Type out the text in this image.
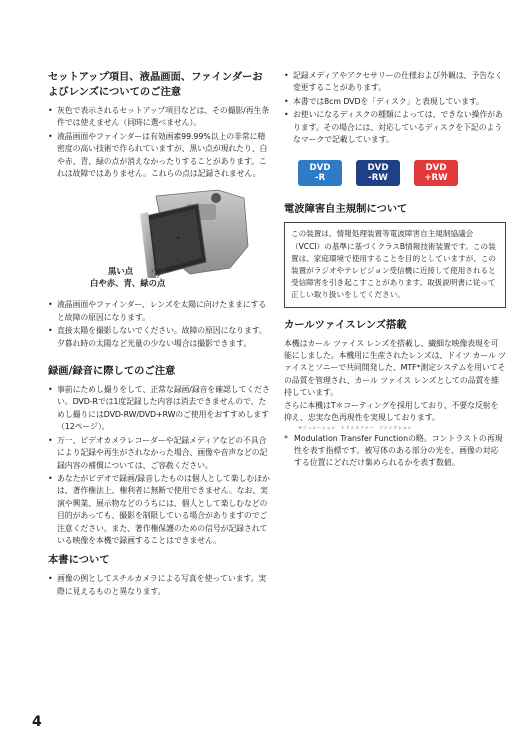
セットアップ項目、液晶画面、ファインダーおよびレンズについてのご注意
• 灰色で表示されるセットアップ項目などは、その撮影/再生条件では使えません（同時に選べません）。
• 液晶画面やファインダーは有効画素99.99%以上の非常に精密度の高い技術で作られていますが、黒い点が現れたり、白や赤、青、緑の点が消えなかったりすることがあります。これは故障ではありません。これらの点は記録されません。
黒い点
白や赤、青、緑の点
• 液晶画面やファインダー、レンズを太陽に向けたままにすると故障の原因になります。
• 直接太陽を撮影しないでください。故障の原因になります。夕暮れ時の太陽など光量の少ない場合は撮影できます。
録画/録音に際してのご注意
• 事前にためし撮りをして、正常な録画/録音を確認してください。DVD-Rでは1度記録した内容は消去できませんので、ためし撮りにはDVD-RW/DVD+RWのご使用をおすすめします（12ページ）。
• 万一、ビデオカメラレコーダーや記録メディアなどの不具合により記録や再生がされなかった場合、画像や音声などの記録内容の補償については、ご容赦ください。
• あなたがビデオで録画/録音したものは個人として楽しむほかは、著作権法上、権利者に無断で使用できません。なお、実演や興業、展示物などのうちには、個人として楽しむなどの目的があっても、撮影を制限している場合がありますのでご注意ください。また、著作権保護のための信号が記録されている映像を本機で録画することはできません。
本書について
• 画像の例としてスチルカメラによる写真を使っています。実際に見えるものと異なります。
• 記録メディアやアクセサリーの仕様および外観は、予告なく変更することがあります。
• 本書では8cm DVDを「ディスク」と表現しています。
• お使いになるディスクの種類によっては、できない操作があります。その場合には、対応しているディスクを下記のようなマークで記載しています。
DVD
-R
DVD
-RW
DVD
+RW
電波障害自主規制について
この装置は、情報処理装置等電波障害自主規制協議会（VCCI）の基準に基づくクラスB情報技術装置です。この装置は、家庭環境で使用することを目的としていますが、この装置がラジオやテレビジョン受信機に近接して使用されると受信障害を引き起こすことがあります。取扱説明書に従って正しい取り扱いをしてください。
カールツァイスレンズ搭載

本機はカール ツァイス レンズを搭載し、繊細な映像表現を可能にしました。本機用に生産されたレンズは、ドイツ カール ツァイスとソニーで共同開発した、MTF*測定システムを用いてその品質を管理され、カール ツァイス レンズとしての品質を維持しています。

さらに本機はT＊コーティングを採用しており、不要な反射を抑え、忠実な色再現性を実現しております。

モジュレーション　トランスファー　ファンクション
* Modulation Transfer Functionの略。コントラストの再現性を表す指標です。被写体のある部分の光を、画像の対応する位置にどれだけ集められるかを表す数値。
4
